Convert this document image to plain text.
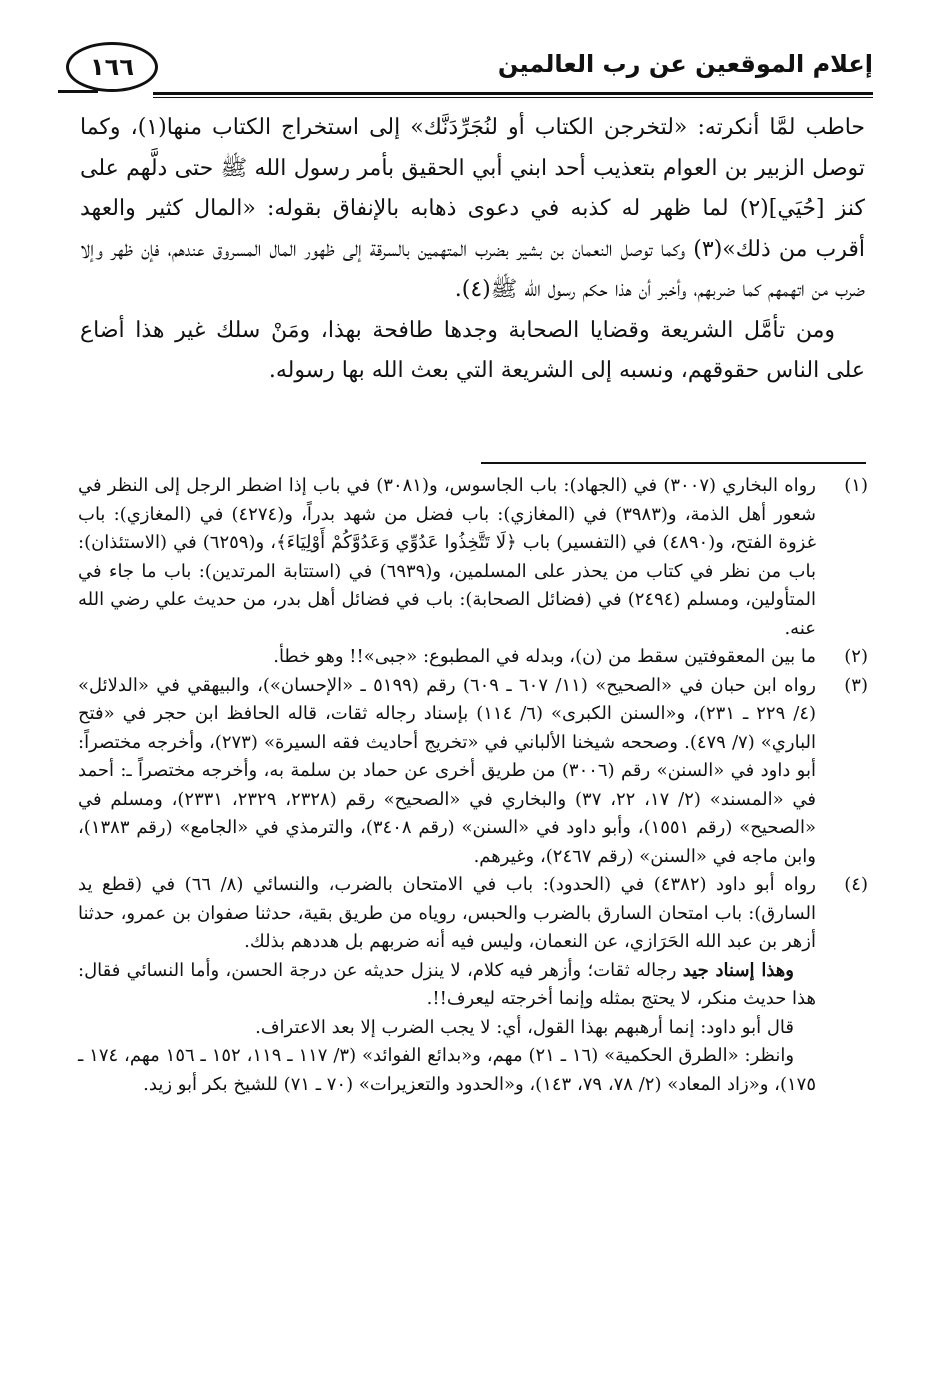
إعلام الموقعين عن رب العالمين
١٦٦

حاطب لمَّا أنكرته: «لتخرجن الكتاب أو لنُجَرِّدَنَّك» إلى استخراج الكتاب منها(١)، وكما توصل الزبير بن العوام بتعذيب أحد ابني أبي الحقيق بأمر رسول الله ﷺ حتى دلَّهم على كنز [حُيَي](٢) لما ظهر له كذبه في دعوى ذهابه بالإنفاق بقوله: «المال كثير والعهد أقرب من ذلك»(٣) وكما توصل النعمان بن بشير بضرب المتهمين بالسرقة إلى ظهور المال المسروق عندهم، فإن ظهر وإلا ضرب من اتهمهم كما ضربهم، وأخبر أن هذا حكم رسول الله ﷺ(٤).

ومن تأمَّل الشريعة وقضايا الصحابة وجدها طافحة بهذا، ومَنْ سلك غير هذا أضاع على الناس حقوقهم، ونسبه إلى الشريعة التي بعث الله بها رسوله.

(١)
رواه البخاري (٣٠٠٧) في (الجهاد): باب الجاسوس، و(٣٠٨١) في باب إذا اضطر الرجل إلى النظر في شعور أهل الذمة، و(٣٩٨٣) في (المغازي): باب فضل من شهد بدراً، و(٤٢٧٤) في (المغازي): باب غزوة الفتح، و(٤٨٩٠) في (التفسير) باب ﴿لَا تَتَّخِذُوا عَدُوِّي وَعَدُوَّكُمْ أَوْلِيَاءَ﴾، و(٦٢٥٩) في (الاستئذان): باب من نظر في كتاب من يحذر على المسلمين، و(٦٩٣٩) في (استتابة المرتدين): باب ما جاء في المتأولين، ومسلم (٢٤٩٤) في (فضائل الصحابة): باب في فضائل أهل بدر، من حديث علي رضي الله عنه.
(٢)
ما بين المعقوفتين سقط من (ن)، وبدله في المطبوع: «جبى»!! وهو خطأ.
(٣)
رواه ابن حبان في «الصحيح» (١١/ ٦٠٧ ـ ٦٠٩) رقم (٥١٩٩ ـ «الإحسان»)، والبيهقي في «الدلائل» (٤/ ٢٢٩ ـ ٢٣١)، و«السنن الكبرى» (٦/ ١١٤) بإسناد رجاله ثقات، قاله الحافظ ابن حجر في «فتح الباري» (٧/ ٤٧٩). وصححه شيخنا الألباني في «تخريج أحاديث فقه السيرة» (٢٧٣)، وأخرجه مختصراً: أبو داود في «السنن» رقم (٣٠٠٦) من طريق أخرى عن حماد بن سلمة به، وأخرجه مختصراً ـ: أحمد في «المسند» (٢/ ١٧، ٢٢، ٣٧) والبخاري في «الصحيح» رقم (٢٣٢٨، ٢٣٢٩، ٢٣٣١)، ومسلم في «الصحيح» (رقم ١٥٥١)، وأبو داود في «السنن» (رقم ٣٤٠٨)، والترمذي في «الجامع» (رقم ١٣٨٣)، وابن ماجه في «السنن» (رقم ٢٤٦٧)، وغيرهم.
(٤)
رواه أبو داود (٤٣٨٢) في (الحدود): باب في الامتحان بالضرب، والنسائي (٨/ ٦٦) في (قطع يد السارق): باب امتحان السارق بالضرب والحبس، روياه من طريق بقية، حدثنا صفوان بن عمرو، حدثنا أزهر بن عبد الله الحَرَازي، عن النعمان، وليس فيه أنه ضربهم بل هددهم بذلك.

وهذا إسناد جيد رجاله ثقات؛ وأزهر فيه كلام، لا ينزل حديثه عن درجة الحسن، وأما النسائي فقال: هذا حديث منكر، لا يحتج بمثله وإنما أخرجته ليعرف!!.

قال أبو داود: إنما أرهبهم بهذا القول، أي: لا يجب الضرب إلا بعد الاعتراف.

وانظر: «الطرق الحكمية» (١٦ ـ ٢١) مهم، و«بدائع الفوائد» (٣/ ١١٧ ـ ١١٩، ١٥٢ ـ ١٥٦ مهم، ١٧٤ ـ ١٧٥)، و«زاد المعاد» (٢/ ٧٨، ٧٩، ١٤٣)، و«الحدود والتعزيرات» (٧٠ ـ ٧١) للشيخ بكر أبو زيد.
